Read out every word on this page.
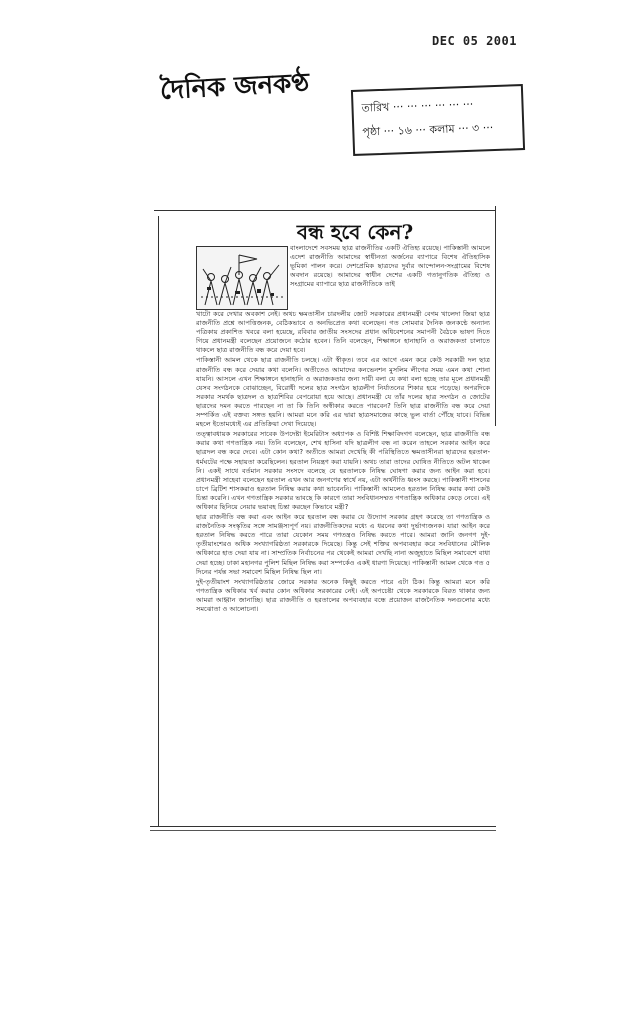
DEC 05 2001
দৈনিক জনকণ্ঠ
তারিখ ··· ··· ··· ··· ··· ···
পৃষ্ঠা ··· ১৬ ··· কলাম ··· ৩ ···
বন্ধ হবে কেন?

বাংলাদেশে সবসময় ছাত্র রাজনীতির একটি ঐতিহ্য রয়েছে। পাকিস্তানী আমলে এদেশ রাজনীতি আমাদের স্বাধীনতা অর্জনের ব্যাপারে বিশেষ ঐতিহাসিক ভূমিকা পালন করে। দেশপ্রেমিক ছাত্রদের দুর্বার আন্দোলন-সংগ্রামের বিশেষ অবদান রয়েছে। আমাদের স্বাধীন দেশের একটি গতানুগতিক ঐতিহ্য ও সংগ্রামের ব্যাপারে ছাত্র রাজনীতিকে তাই

খাটো করে দেখার অবকাশ নেই। অথচ ক্ষমতাসীন চারদলীয় জোট সরকারের প্রধানমন্ত্রী বেগম খালেদা জিয়া ছাত্র রাজনীতি প্রশ্নে আপত্তিজনক, বেঠিকভাবে ও অনভিপ্রেত কথা বলেছেন। গত সোমবার দৈনিক জনকণ্ঠে অন্যান্য পত্রিকায় প্রকাশিত খবরে বলা হয়েছে, রবিবার জাতীয় সংসদের প্রধান অধিবেশনের সমাপনী বৈঠকে ভাষণ দিতে গিয়ে প্রধানমন্ত্রী বলেছেন প্রয়োজনে কঠোর হবেন। তিনি বলেছেন, শিক্ষাঙ্গনে হানাহানি ও অরাজকতা চালাতে থাকলে ছাত্র রাজনীতি বন্ধ করে দেয়া হবে।

পাকিস্তানী আমল থেকে ছাত্র রাজনীতি চলছে। এটা স্বীকৃত। তবে এর আগে এমন করে কেউ সরকারী দল ছাত্র রাজনীতি বন্ধ করে দেয়ার কথা বলেনি। অতীতেও আমাদের কনভেনশন মুসলিম লীগের সময় এমন কথা শোনা যায়নি। আসলে এখন শিক্ষাঙ্গনে হানাহানি ও অরাজকতার জন্য দায়ী বলা যে কথা বলা হচ্ছে তার মূলে প্রধানমন্ত্রী যেসব সংগঠনকে বোঝাচ্ছেন, বিরোধী দলের ছাত্র সংগঠন ছাত্রলীগ নির্যাতনের শিকার হয়ে পড়েছে। অপরদিকে সরকার সমর্থক ছাত্রদল ও ছাত্রশিবির বেপরোয়া হয়ে আছে। প্রধানমন্ত্রী যে তাঁর দলের ছাত্র সংগঠন ও জোটের ছাত্রদের দমন করতে পারছেন না তা কি তিনি অস্বীকার করতে পারবেন? তিনি ছাত্র রাজনীতি বন্ধ করে দেয়া সম্পর্কিত এই বক্তব্য সঙ্গত হয়নি। আমরা মনে করি এর দ্বারা ছাত্রসমাজের কাছে ভুল বার্তা পৌঁছে যাবে। বিভিন্ন মহলে ইতোমধ্যেই এর প্রতিক্রিয়া দেখা দিয়েছে।

তত্ত্বাবধায়ক সরকারের সাবেক উপদেষ্টা ইমেরিটাস অধ্যাপক ও বিশিষ্ট শিক্ষাবিদগণ বলেছেন, ছাত্র রাজনীতি বন্ধ করার কথা গণতান্ত্রিক নয়। তিনি বলেছেন, শেখ হাসিনা যদি ছাত্রলীগ বন্ধ না করেন তাহলে সরকার আইন করে ছাত্রদল বন্ধ করে দেবে। এটা কোন কথা? অতীতে আমরা দেখেছি কী পরিস্থিতিতে ক্ষমতাসীনরা ছাত্রদের হরতাল-ধর্মঘটের পক্ষে সহায়তা করেছিলেন। হরতাল নিয়ন্ত্রণ করা যায়নি। অথচ তারা তাদের ঘোষিত নীতিতে অটল থাকেন নি। একই সাথে বর্তমান সরকার সংসদে বলেছে যে হরতালকে নিষিদ্ধ ঘোষণা করার জন্য আইন করা হবে। প্রধানমন্ত্রী সাহেবা বলেছেন হরতাল এখন আর জনগণের স্বার্থে নয়, এটা অর্থনীতি ধ্বংস করছে। পাকিস্তানী শাসনের চাপে ব্রিটিশ শাসকরাও হরতাল নিষিদ্ধ করার কথা ভাবেননি। পাকিস্তানী আমলেও হরতাল নিষিদ্ধ করার কথা কেউ চিন্তা করেনি। এখন গণতান্ত্রিক সরকার ভাবছে কি কারণে তারা সংবিধানসম্মত গণতান্ত্রিক অধিকার কেড়ে নেবে। এই অধিকার ছিনিয়ে নেয়ার ভয়াবহ চিন্তা করছেন কিভাবে মন্ত্রী?

ছাত্র রাজনীতি বন্ধ করা এবং আইন করে হরতাল বন্ধ করার যে উদ্যোগ সরকার গ্রহণ করেছে তা গণতান্ত্রিক ও রাজনৈতিক সংস্কৃতির সঙ্গে সামঞ্জস্যপূর্ণ নয়। রাজনীতিকদের মধ্যে এ ধরনের কথা দুর্ভাগ্যজনক। যারা আইন করে হরতাল নিষিদ্ধ করতে পারে তারা যেকোন সময় গণতন্ত্রও নিষিদ্ধ করতে পারে। আমরা জানি জনগণ দুই-তৃতীয়াংশেরও অধিক সংখ্যাগরিষ্ঠতা সরকারকে দিয়েছে। কিন্তু সেই শক্তির অপব্যবহার করে সংবিধানের মৌলিক অধিকারে হাত দেয়া যায় না। সাম্প্রতিক নির্বাচনের পর থেকেই আমরা দেখছি নানা অজুহাতে মিছিল সমাবেশে বাধা দেয়া হচ্ছে। ঢাকা মহানগর পুলিশ মিছিল নিষিদ্ধ করা সম্পর্কেও একই ধারণা দিয়েছে। পাকিস্তানী আমল থেকে গত ৫ দিনের পর্যন্ত সভা সমাবেশ মিছিল নিষিদ্ধ ছিল না।

দুই-তৃতীয়াংশ সংখ্যাগরিষ্ঠতার জোরে সরকার অনেক কিছুই করতে পারে এটা ঠিক। কিন্তু আমরা মনে করি গণতান্ত্রিক অধিকার খর্ব করার কোন অধিকার সরকারের নেই। এই অপচেষ্টা থেকে সরকারকে বিরত থাকার জন্য আমরা আহ্বান জানাচ্ছি। ছাত্র রাজনীতি ও হরতালের অপব্যবহার বন্ধে প্রয়োজন রাজনৈতিক দলগুলোর মধ্যে সমঝোতা ও আলোচনা।
